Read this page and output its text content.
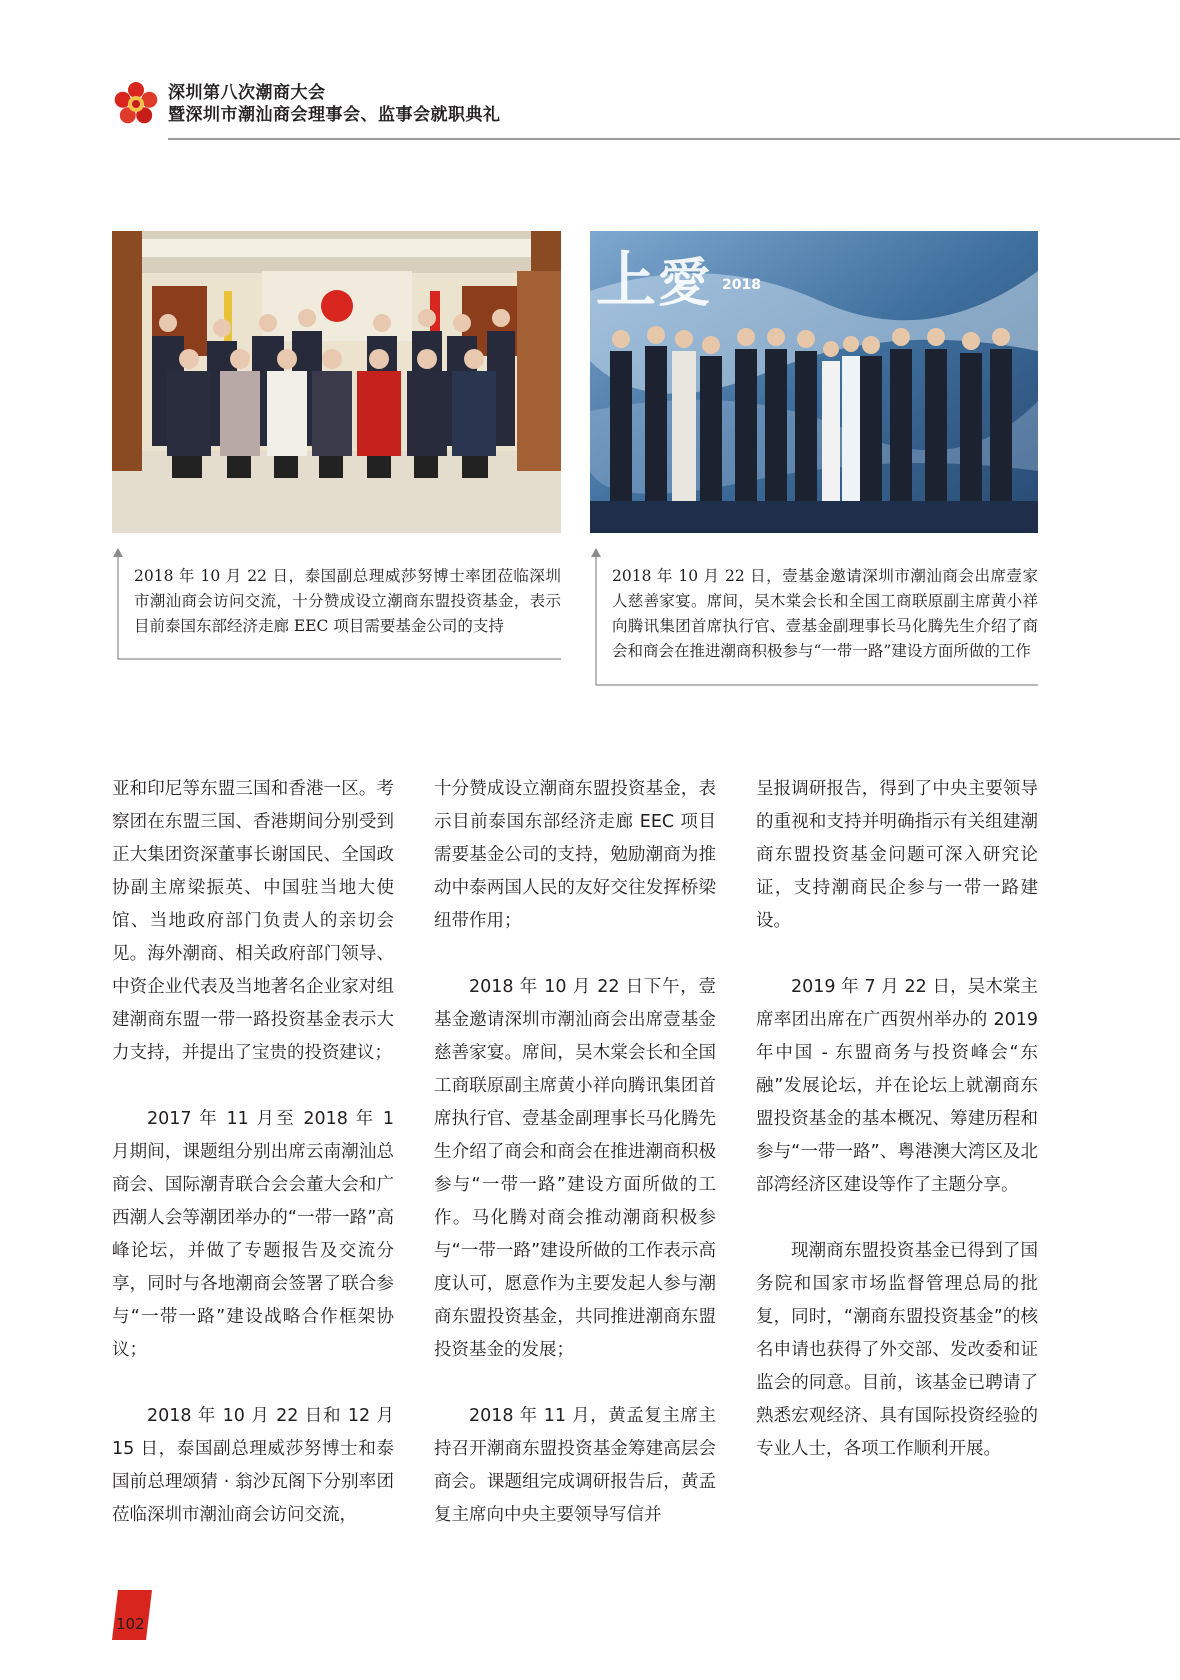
深圳第八次潮商大会
暨深圳市潮汕商会理事会、监事会就职典礼
上 愛 2018
2018 年 10 月 22 日，泰国副总理威莎努博士率团莅临深圳市潮汕商会访问交流，十分赞成设立潮商东盟投资基金，表示目前泰国东部经济走廊 EEC 项目需要基金公司的支持
2018 年 10 月 22 日，壹基金邀请深圳市潮汕商会出席壹家人慈善家宴。席间，吴木棠会长和全国工商联原副主席黄小祥向腾讯集团首席执行官、壹基金副理事长马化腾先生介绍了商会和商会在推进潮商积极参与“一带一路”建设方面所做的工作

亚和印尼等东盟三国和香港一区。考察团在东盟三国、香港期间分别受到正大集团资深董事长谢国民、全国政协副主席梁振英、中国驻当地大使馆、当地政府部门负责人的亲切会见。海外潮商、相关政府部门领导、中资企业代表及当地著名企业家对组建潮商东盟一带一路投资基金表示大力支持，并提出了宝贵的投资建议；

2017 年 11 月至 2018 年 1 月期间，课题组分别出席云南潮汕总商会、国际潮青联合会会董大会和广西潮人会等潮团举办的“一带一路”高峰论坛，并做了专题报告及交流分享，同时与各地潮商会签署了联合参与“一带一路”建设战略合作框架协议；

2018 年 10 月 22 日和 12 月 15 日，泰国副总理威莎努博士和泰国前总理颂猜 · 翁沙瓦阁下分别率团莅临深圳市潮汕商会访问交流，

十分赞成设立潮商东盟投资基金，表示目前泰国东部经济走廊 EEC 项目需要基金公司的支持，勉励潮商为推动中泰两国人民的友好交往发挥桥梁纽带作用；

2018 年 10 月 22 日下午，壹基金邀请深圳市潮汕商会出席壹基金慈善家宴。席间，吴木棠会长和全国工商联原副主席黄小祥向腾讯集团首席执行官、壹基金副理事长马化腾先生介绍了商会和商会在推进潮商积极参与“一带一路”建设方面所做的工作。马化腾对商会推动潮商积极参与“一带一路”建设所做的工作表示高度认可，愿意作为主要发起人参与潮商东盟投资基金，共同推进潮商东盟投资基金的发展；

2018 年 11 月，黄孟复主席主持召开潮商东盟投资基金筹建高层会商会。课题组完成调研报告后，黄孟复主席向中央主要领导写信并

呈报调研报告，得到了中央主要领导的重视和支持并明确指示有关组建潮商东盟投资基金问题可深入研究论证，支持潮商民企参与一带一路建设。

2019 年 7 月 22 日，吴木棠主席率团出席在广西贺州举办的 2019 年中国 - 东盟商务与投资峰会“东融”发展论坛，并在论坛上就潮商东盟投资基金的基本概况、筹建历程和参与“一带一路”、粤港澳大湾区及北部湾经济区建设等作了主题分享。

现潮商东盟投资基金已得到了国务院和国家市场监督管理总局的批复，同时，“潮商东盟投资基金”的核名申请也获得了外交部、发改委和证监会的同意。目前，该基金已聘请了熟悉宏观经济、具有国际投资经验的专业人士，各项工作顺利开展。

102
